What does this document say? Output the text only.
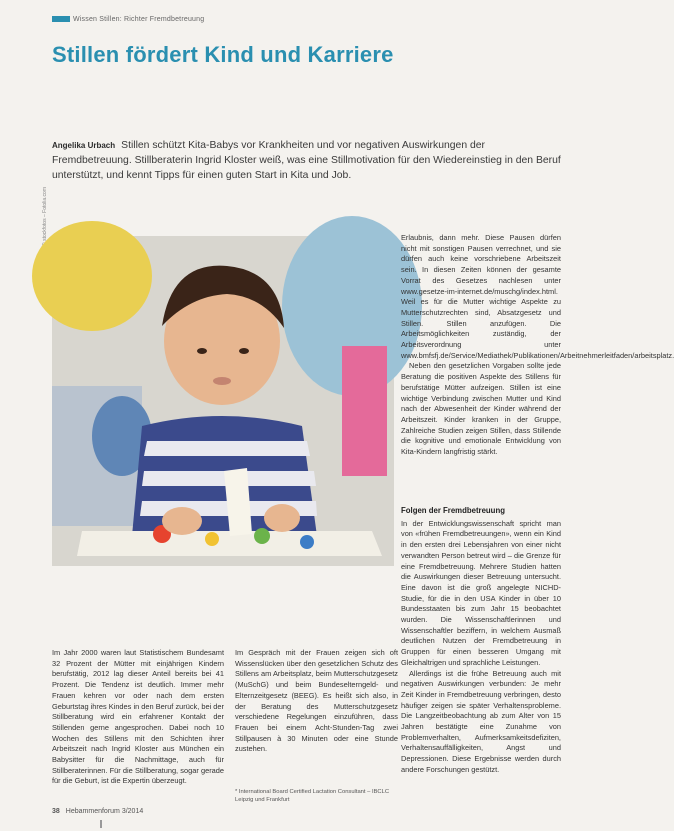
Wissen Stillen: Richter Fremdbetreuung
Stillen fördert Kind und Karriere
Angelika Urbach Stillen schützt Kita-Babys vor Krankheiten und vor negativen Auswirkungen der Fremdbetreuung. Stillberaterin Ingrid Kloster weiß, was eine Stillmotivation für den Wiedereinstieg in den Beruf unterstützt, und kennt Tipps für einen guten Start in Kita und Job.
© stockfotos – Fotolia.com	Erlaubnis, dann mehr. Diese Pausen dürfen nicht mit sonstigen Pausen verrechnet, und sie dürfen auch keine vorschriebene Arbeitszeit sein. In diesen Zeiten können der gesamte Vorrat des Gesetzes nachlesen unter www.gesetze-im-internet.de/muschg/index.html. Weil es für die Mutter wichtige Aspekte zu Mutterschutzrechten sind, Absatzgesetz und Stillen. Stillen anzufügen. Die Arbeitsmöglichkeiten zuständig, der Arbeitsverordnung unter www.bmfsfj.de/Service/Mediathek/Publikationen/Arbeitnehmerleitfaden/arbeitsplatz.

Neben den gesetzlichen Vorgaben sollte jede Beratung die positiven Aspekte des Stillens für berufstätige Mütter aufzeigen. Stillen ist eine wichtige Verbindung zwischen Mutter und Kind nach der Abwesenheit der Kinder während der Arbeitszeit. Kinder kranken in der Gruppe, Zahlreiche Studien zeigen Stillen, dass Stillende die kognitive und emotionale Entwicklung von Kita-Kindern langfristig stärkt.

Folgen der Fremdbetreuung

In der Entwicklungswissenschaft spricht man von «frühen Fremdbetreuungen», wenn ein Kind in den ersten drei Lebensjahren von einer nicht verwandten Person betreut wird – die Grenze für eine Fremdbetreuung. Mehrere Studien hatten die Auswirkungen dieser Betreuung untersucht. Eine davon ist die groß angelegte NICHD-Studie, für die in den USA Kinder in über 10 Bundesstaaten bis zum Jahr 15 beobachtet wurden. Die Wissenschaftlerinnen und Wissenschaftler beziffern, in welchem Ausmaß deutlichen Nutzen der Fremdbetreuung in Gruppen für einen besseren Umgang mit Gleichaltrigen und sprachliche Leistungen.

Allerdings ist die frühe Betreuung auch mit negativen Auswirkungen verbunden: Je mehr Zeit Kinder in Fremdbetreuung verbringen, desto häufiger zeigen sie später Verhaltensprobleme. Die Langzeitbeobachtung ab zum Alter von 15 Jahren bestätigte eine Zunahme von Problemverhalten, Aufmerksamkeitsdefiziten, Verhaltensauffälligkeiten, Angst und Depressionen. Diese Ergebnisse werden durch andere Forschungen gestützt.

Im Jahr 2000 waren laut Statistischem Bundesamt 32 Prozent der Mütter mit einjährigen Kindern berufstätig, 2012 lag dieser Anteil bereits bei 41 Prozent. Die Tendenz ist deutlich. Immer mehr Frauen kehren vor oder nach dem ersten Geburtstag ihres Kindes in den Beruf zurück, bei der Stillberatung wird ein erfahrener Kontakt der Stillenden gerne angesprochen. Dabei noch 10 Wochen des Stillens mit den Schichten ihrer Arbeitszeit nach Ingrid Kloster aus München ein Babysitter für die Nachmittage, auch für Stillberaterinnen. Für die Stillberatung, sogar gerade für die Geburt, ist die Expertin überzeugt.

Im Gespräch mit der Frauen zeigen sich oft Wissenslücken über den gesetzlichen Schutz des Stillens am Arbeitsplatz, beim Mutterschutzgesetz (MuSchG) und beim Bundeselterngeld- und Elternzeitgesetz (BEEG). Es heißt sich also, in der Beratung des Mutterschutzgesetz verschiedene Regelungen einzuführen, dass Frauen bei einem Acht-Stunden-Tag zwei Stillpausen à 30 Minuten oder eine Stunde zustehen.

* International Board Certified Lactation Consultant – IBCLC Leipzig und Frankfurt
38 Hebammenforum 3/2014
